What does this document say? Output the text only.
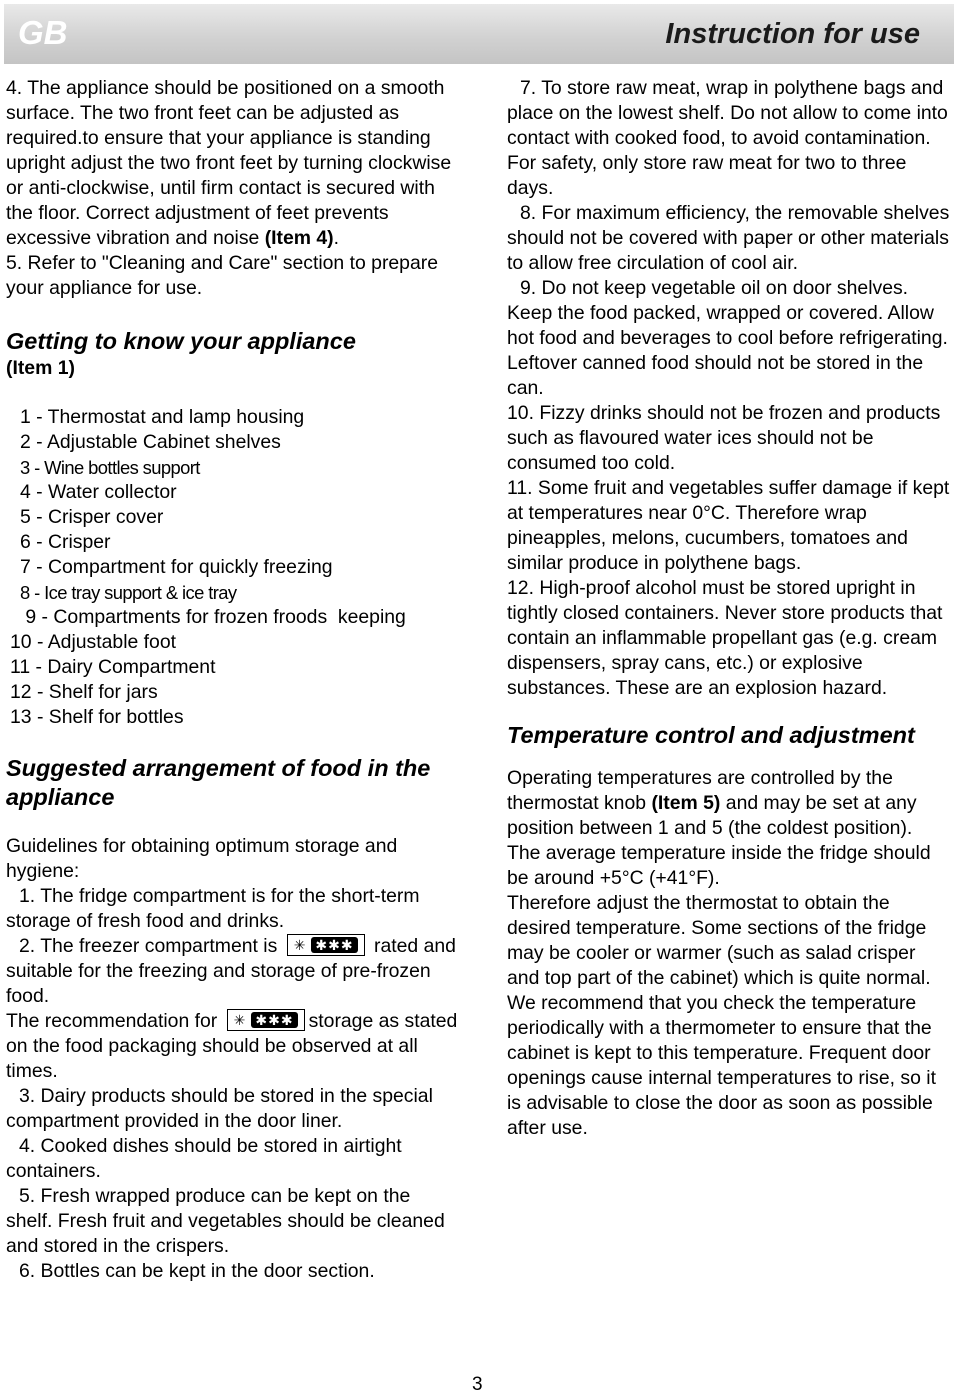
GB	Instruction for use

4. The appliance should be positioned on a smooth surface. The two front feet can be adjusted as required.to ensure that your appliance is standing upright adjust the two front feet by turning clockwise or anti-clockwise, until firm contact is secured with the floor. Correct adjustment of feet prevents excessive vibration and noise (Item 4).

5. Refer to "Cleaning and Care" section to prepare your appliance for use.

Getting to know your appliance
(Item 1)
1 - Thermostat and lamp housing
2 - Adjustable Cabinet shelves
3 - Wine bottles support
4 - Water collector
5 - Crisper cover
6 - Crisper
7 - Compartment for quickly freezing
8 - Ice tray support & ice tray
9 - Compartments for frozen froods  keeping
10 - Adjustable foot
11 - Dairy Compartment
12 - Shelf for jars
13 - Shelf for bottles
Suggested arrangement of food in the appliance

Guidelines for obtaining optimum storage and hygiene:

1. The fridge compartment is for the short-term storage of fresh food and drinks.

2. The freezer compartment is ✳ ✱✱✱ rated and suitable for the freezing and storage of pre-frozen food.

The recommendation for ✳ ✱✱✱ storage as stated on the food packaging should be observed at all times.

3. Dairy products should be stored in the special compartment provided in the door liner.

4. Cooked dishes should be stored in airtight containers.

5. Fresh wrapped produce can be kept on the shelf. Fresh fruit and vegetables should be cleaned and stored in the crispers.

6. Bottles can be kept in the door section.

7. To store raw meat, wrap in polythene bags and place on the lowest shelf. Do not allow to come into contact with cooked food, to avoid contamination. For safety, only store raw meat for two to three days.

8. For maximum efficiency, the removable shelves should not be covered with paper or other materials to allow free circulation of cool air.

9. Do not keep vegetable oil on door shelves. Keep the food packed, wrapped or covered. Allow hot food and beverages to cool before refrigerating. Leftover canned food should not be stored in the can.

10. Fizzy drinks should not be frozen and products such as flavoured water ices should not be consumed too cold.

11. Some fruit and vegetables suffer damage if kept at temperatures near 0°C. Therefore wrap pineapples, melons, cucumbers, tomatoes and similar produce in polythene bags.

12. High-proof alcohol must be stored upright in tightly closed containers. Never store products that contain an inflammable propellant gas (e.g. cream dispensers, spray cans, etc.) or explosive substances. These are an explosion hazard.

Temperature control and adjustment

Operating temperatures are controlled by the thermostat knob (Item 5) and may be set at any position between 1 and 5 (the coldest position).

The average temperature inside the fridge should be around +5°C (+41°F).

Therefore adjust the thermostat to obtain the desired temperature. Some sections of the fridge may be cooler or warmer (such as salad crisper and top part of the cabinet) which is quite normal. We recommend that you check the temperature periodically with a thermometer to ensure that the cabinet is kept to this temperature. Frequent door openings cause internal temperatures to rise, so it is advisable to close the door as soon as possible after use.

3
